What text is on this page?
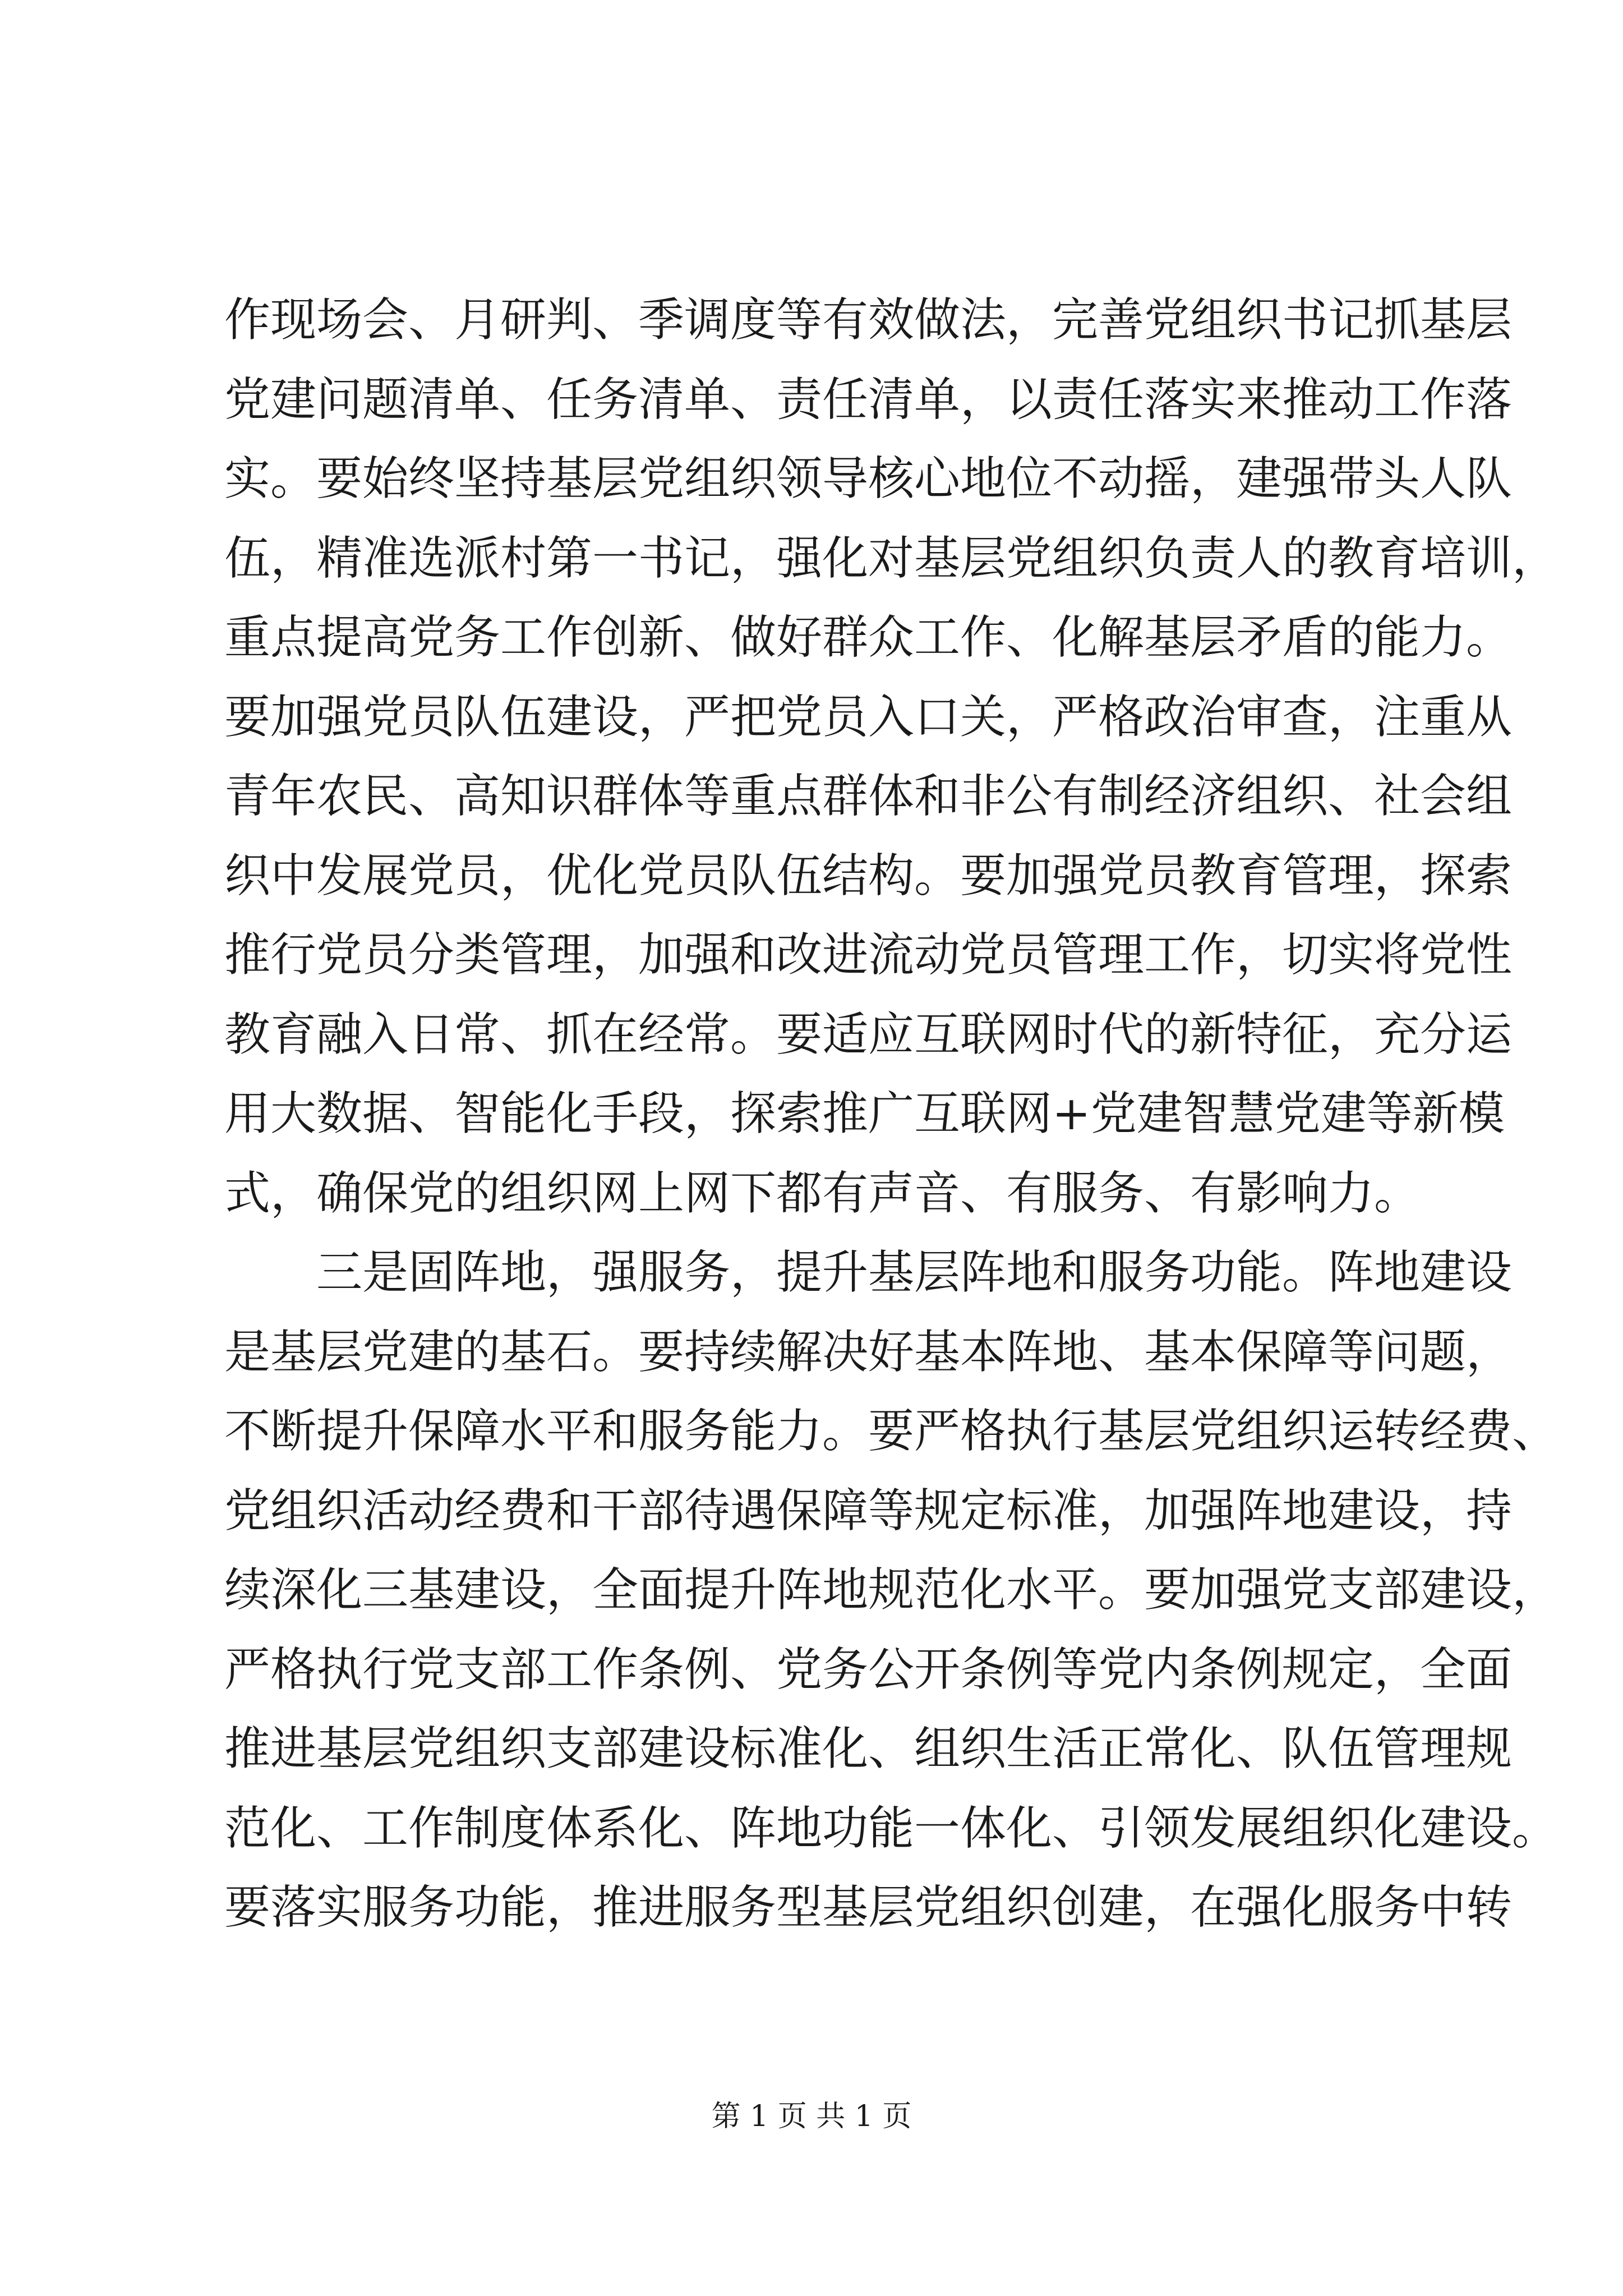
作现场会、月研判、季调度等有效做法，完善党组织书记抓基层
党建问题清单、任务清单、责任清单，以责任落实来推动工作落
实。要始终坚持基层党组织领导核心地位不动摇，建强带头人队
伍，精准选派村第一书记，强化对基层党组织负责人的教育培训，
重点提高党务工作创新、做好群众工作、化解基层矛盾的能力。
要加强党员队伍建设，严把党员入口关，严格政治审查，注重从
青年农民、高知识群体等重点群体和非公有制经济组织、社会组
织中发展党员，优化党员队伍结构。要加强党员教育管理，探索
推行党员分类管理，加强和改进流动党员管理工作，切实将党性
教育融入日常、抓在经常。要适应互联网时代的新特征，充分运
用大数据、智能化手段，探索推广互联网+党建智慧党建等新模
式，确保党的组织网上网下都有声音、有服务、有影响力。
三是固阵地，强服务，提升基层阵地和服务功能。阵地建设
是基层党建的基石。要持续解决好基本阵地、基本保障等问题，
不断提升保障水平和服务能力。要严格执行基层党组织运转经费、
党组织活动经费和干部待遇保障等规定标准，加强阵地建设，持
续深化三基建设，全面提升阵地规范化水平。要加强党支部建设，
严格执行党支部工作条例、党务公开条例等党内条例规定，全面
推进基层党组织支部建设标准化、组织生活正常化、队伍管理规
范化、工作制度体系化、阵地功能一体化、引领发展组织化建设。
要落实服务功能，推进服务型基层党组织创建，在强化服务中转
第 1 页 共 1 页
